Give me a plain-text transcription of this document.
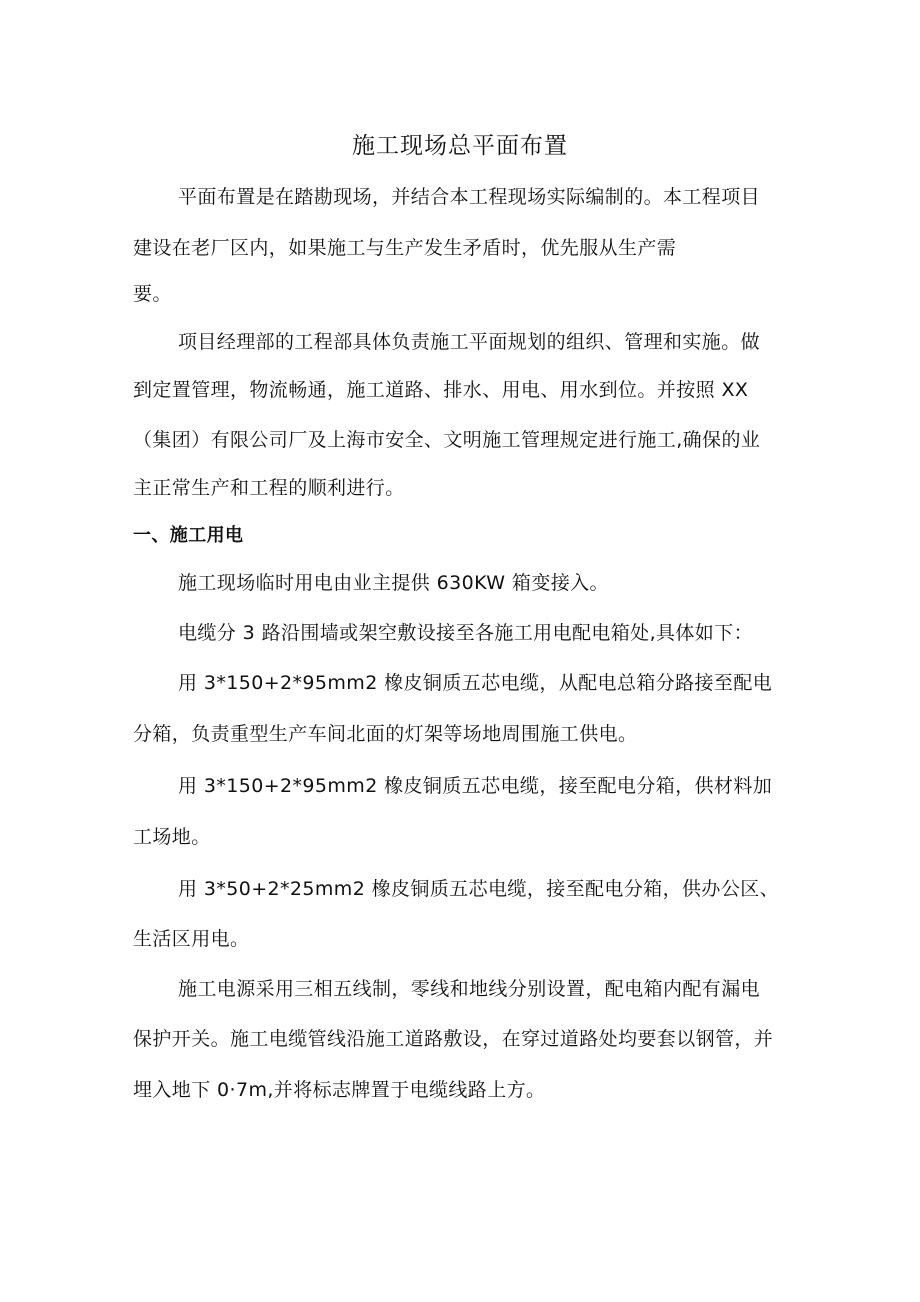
施工现场总平面布置
平面布置是在踏勘现场，并结合本工程现场实际编制的。本工程项目
建设在老厂区内，如果施工与生产发生矛盾时，优先服从生产需
要。
项目经理部的工程部具体负责施工平面规划的组织、管理和实施。做
到定置管理，物流畅通，施工道路、排水、用电、用水到位。并按照 XX
（集团）有限公司厂及上海市安全、文明施工管理规定进行施工,确保的业
主正常生产和工程的顺利进行。
一、施工用电
施工现场临时用电由业主提供 630KW 箱变接入。
电缆分 3 路沿围墙或架空敷设接至各施工用电配电箱处,具体如下：
用 3*150+2*95mm2 橡皮铜质五芯电缆，从配电总箱分路接至配电
分箱，负责重型生产车间北面的灯架等场地周围施工供电。
用 3*150+2*95mm2 橡皮铜质五芯电缆，接至配电分箱，供材料加
工场地。
用 3*50+2*25mm2 橡皮铜质五芯电缆，接至配电分箱，供办公区、
生活区用电。
施工电源采用三相五线制，零线和地线分别设置，配电箱内配有漏电
保护开关。施工电缆管线沿施工道路敷设，在穿过道路处均要套以钢管，并
埋入地下 0·7m,并将标志牌置于电缆线路上方。
